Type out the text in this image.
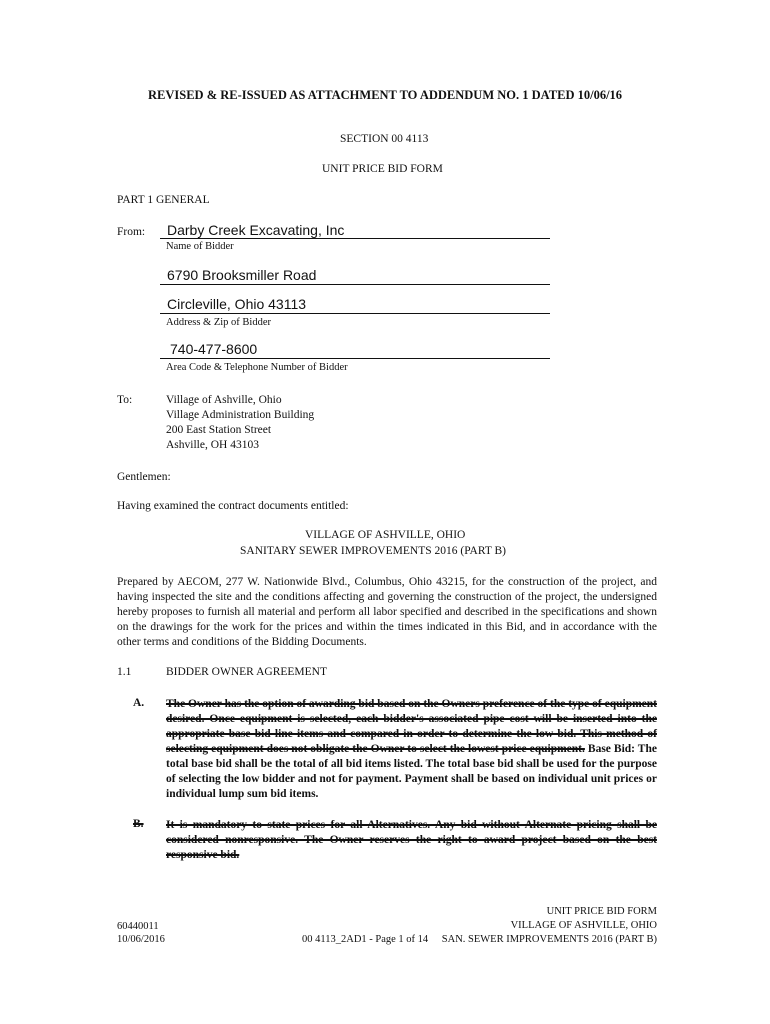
REVISED & RE-ISSUED AS ATTACHMENT TO ADDENDUM NO. 1 DATED 10/06/16
SECTION 00 4113
UNIT PRICE BID FORM
PART 1 GENERAL
From: Darby Creek Excavating, Inc
Name of Bidder
6790 Brooksmiller Road
Circleville, Ohio 43113
Address & Zip of Bidder
740-477-8600
Area Code & Telephone Number of Bidder
To:	Village of Ashville, Ohio
Village Administration Building
200 East Station Street
Ashville, OH 43103
Gentlemen:
Having examined the contract documents entitled:
VILLAGE OF ASHVILLE, OHIO
SANITARY SEWER IMPROVEMENTS 2016 (PART B)
Prepared by AECOM, 277 W. Nationwide Blvd., Columbus, Ohio 43215, for the construction of the project, and having inspected the site and the conditions affecting and governing the construction of the project, the undersigned hereby proposes to furnish all material and perform all labor specified and described in the specifications and shown on the drawings for the work for the prices and within the times indicated in this Bid, and in accordance with the other terms and conditions of the Bidding Documents.
1.1	BIDDER OWNER AGREEMENT
A. The Owner has the option of awarding bid based on the Owners preference of the type of equipment desired. Once equipment is selected, each bidder's associated pipe cost will be inserted into the appropriate base bid line items and compared in order to determine the low bid. This method of selecting equipment does not obligate the Owner to select the lowest price equipment. Base Bid: The total base bid shall be the total of all bid items listed. The total base bid shall be used for the purpose of selecting the low bidder and not for payment. Payment shall be based on individual unit prices or individual lump sum bid items.
B. It is mandatory to state prices for all Alternatives. Any bid without Alternate pricing shall be considered nonresponsive. The Owner reserves the right to award project based on the best responsive bid.
60440011
10/06/2016	00 4113_2AD1 - Page 1 of 14
UNIT PRICE BID FORM
VILLAGE OF ASHVILLE, OHIO
SAN. SEWER IMPROVEMENTS 2016 (PART B)
